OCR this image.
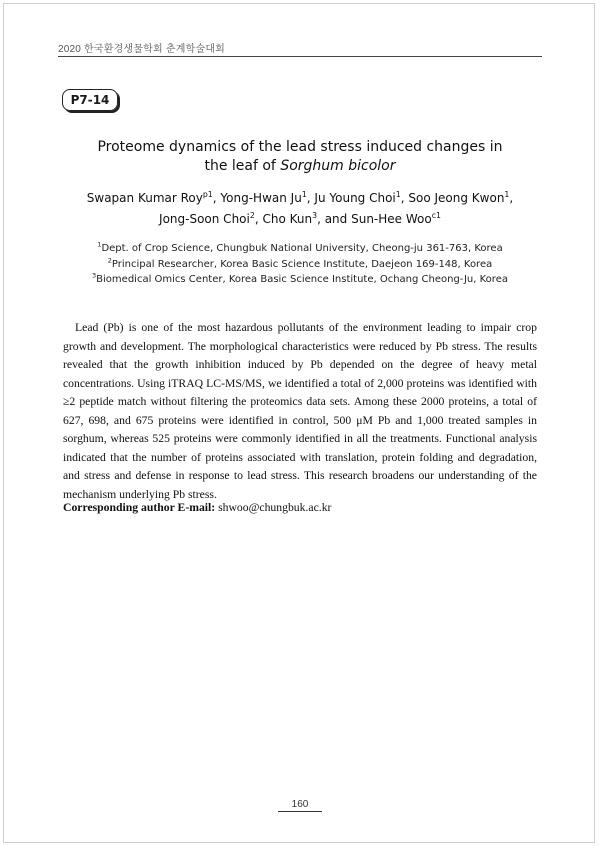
2020 한국환경생물학회 춘계학술대회
P7-14
Proteome dynamics of the lead stress induced changes in
the leaf of Sorghum bicolor
Swapan Kumar Roy$^{p1}$, Yong-Hwan Ju$^1$, Ju Young Choi$^1$, Soo Jeong Kwon$^1$,
Jong-Soon Choi$^2$, Cho Kun$^3$, and Sun-Hee Woo$^{c1}$
$^1$Dept. of Crop Science, Chungbuk National University, Cheong-ju 361-763, Korea
$^2$Principal Researcher, Korea Basic Science Institute, Daejeon 169-148, Korea
$^3$Biomedical Omics Center, Korea Basic Science Institute, Ochang Cheong-Ju, Korea

Lead (Pb) is one of the most hazardous pollutants of the environment leading to impair crop growth and development. The morphological characteristics were reduced by Pb stress. The results revealed that the growth inhibition induced by Pb depended on the degree of heavy metal concentrations. Using iTRAQ LC-MS/MS, we identified a total of 2,000 proteins was identified with ≥2 peptide match without filtering the proteomics data sets. Among these 2000 proteins, a total of 627, 698, and 675 proteins were identified in control, 500 μM Pb and 1,000 treated samples in sorghum, whereas 525 proteins were commonly identified in all the treatments. Functional analysis indicated that the number of proteins associated with translation, protein folding and degradation, and stress and defense in response to lead stress. This research broadens our understanding of the mechanism underlying Pb stress.

Corresponding author E-mail: shwoo@chungbuk.ac.kr
160
